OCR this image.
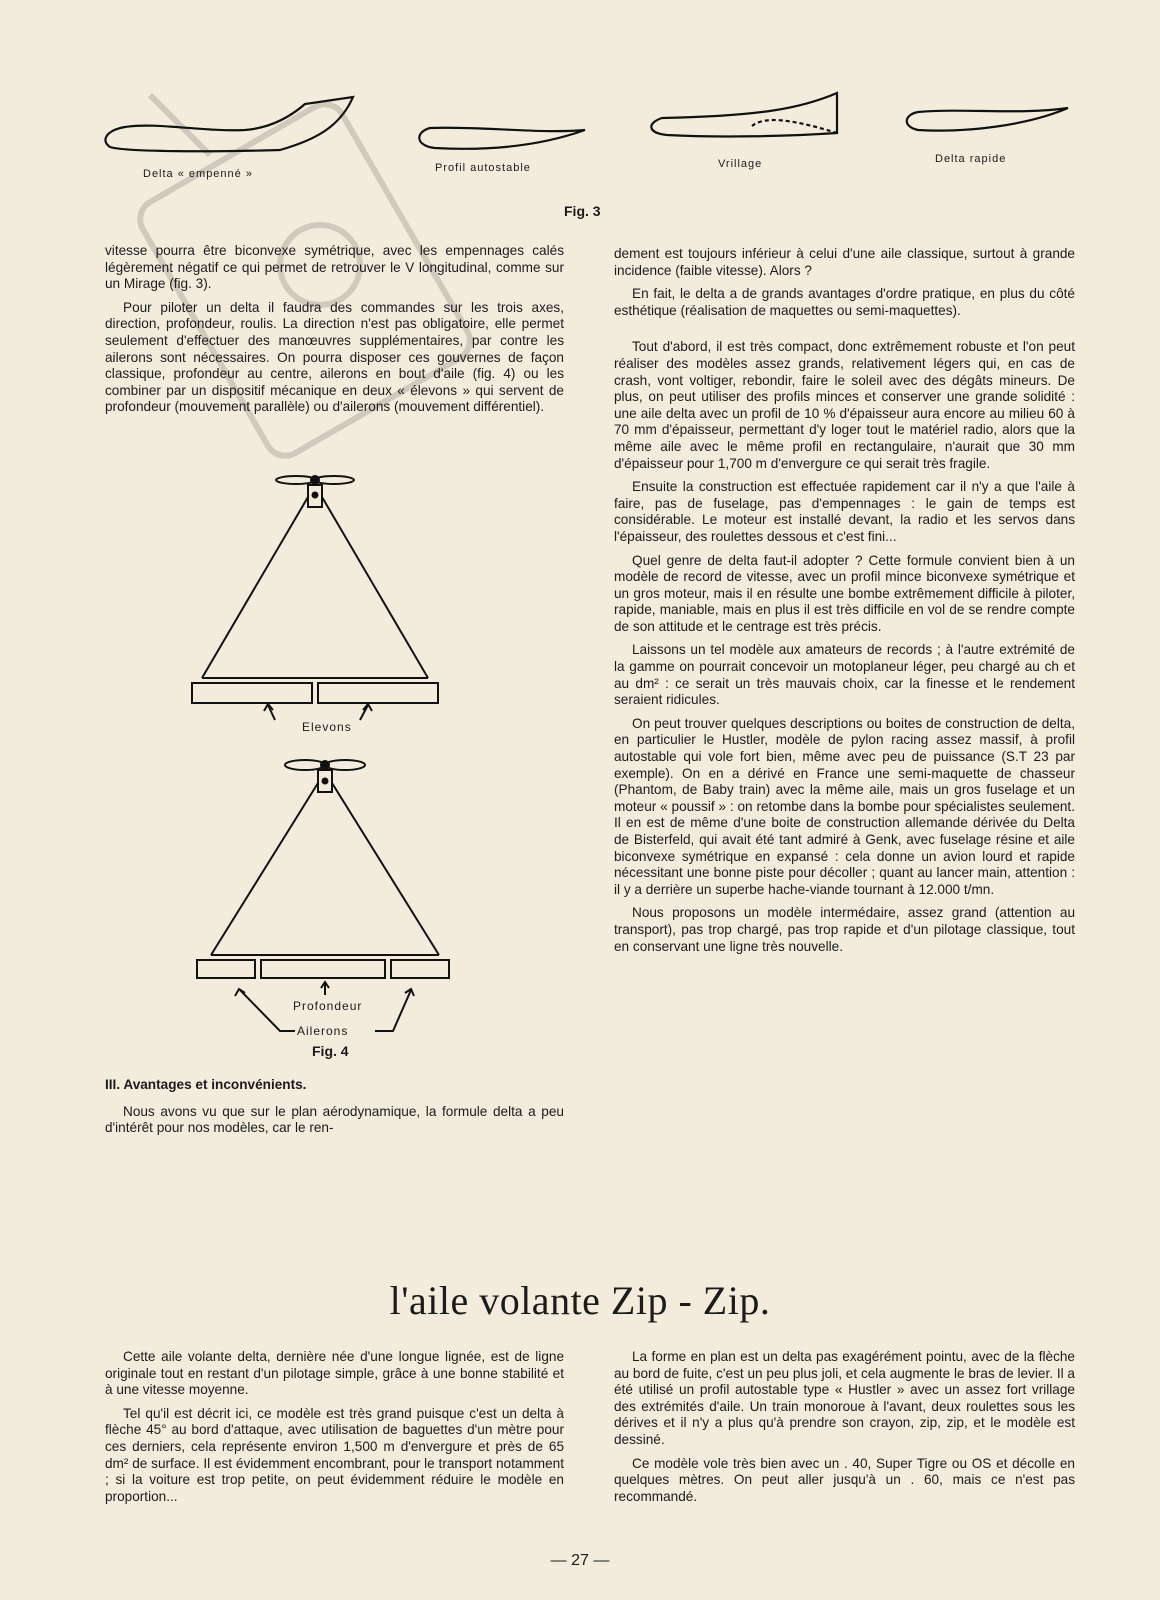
Delta « empenné »	Profil autostable	Vrillage	Delta rapide
Fig. 3

vitesse pourra être biconvexe symétrique, avec les empennages calés légèrement négatif ce qui permet de retrouver le V longitudinal, comme sur un Mirage (fig. 3).

Pour piloter un delta il faudra des commandes sur les trois axes, direction, profondeur, roulis. La direction n'est pas obligatoire, elle permet seulement d'effectuer des manœuvres supplémentaires, par contre les ailerons sont nécessaires. On pourra disposer ces gouvernes de façon classique, profondeur au centre, ailerons en bout d'aile (fig. 4) ou les combiner par un dispositif mécanique en deux « élevons » qui servent de profondeur (mouvement parallèle) ou d'ailerons (mouvement différentiel).

Elevons
Profondeur
Ailerons
Fig. 4

III. Avantages et inconvénients.

Nous avons vu que sur le plan aérodynamique, la formule delta a peu d'intérêt pour nos modèles, car le ren-

dement est toujours inférieur à celui d'une aile classique, surtout à grande incidence (faible vitesse). Alors ?

En fait, le delta a de grands avantages d'ordre pratique, en plus du côté esthétique (réalisation de maquettes ou semi-maquettes).

Tout d'abord, il est très compact, donc extrêmement robuste et l'on peut réaliser des modèles assez grands, relativement légers qui, en cas de crash, vont voltiger, rebondir, faire le soleil avec des dégâts mineurs. De plus, on peut utiliser des profils minces et conserver une grande solidité : une aile delta avec un profil de 10 % d'épaisseur aura encore au milieu 60 à 70 mm d'épaisseur, permettant d'y loger tout le matériel radio, alors que la même aile avec le même profil en rectangulaire, n'aurait que 30 mm d'épaisseur pour 1,700 m d'envergure ce qui serait très fragile.

Ensuite la construction est effectuée rapidement car il n'y a que l'aile à faire, pas de fuselage, pas d'empennages : le gain de temps est considérable. Le moteur est installé devant, la radio et les servos dans l'épaisseur, des roulettes dessous et c'est fini...

Quel genre de delta faut-il adopter ? Cette formule convient bien à un modèle de record de vitesse, avec un profil mince biconvexe symétrique et un gros moteur, mais il en résulte une bombe extrêmement difficile à piloter, rapide, maniable, mais en plus il est très difficile en vol de se rendre compte de son attitude et le centrage est très précis.

Laissons un tel modèle aux amateurs de records ; à l'autre extrémité de la gamme on pourrait concevoir un motoplaneur léger, peu chargé au ch et au dm² : ce serait un très mauvais choix, car la finesse et le rendement seraient ridicules.

On peut trouver quelques descriptions ou boites de construction de delta, en particulier le Hustler, modèle de pylon racing assez massif, à profil autostable qui vole fort bien, même avec peu de puissance (S.T 23 par exemple). On en a dérivé en France une semi-maquette de chasseur (Phantom, de Baby train) avec la même aile, mais un gros fuselage et un moteur « poussif » : on retombe dans la bombe pour spécialistes seulement. Il en est de même d'une boite de construction allemande dérivée du Delta de Bisterfeld, qui avait été tant admiré à Genk, avec fuselage résine et aile biconvexe symétrique en expansé : cela donne un avion lourd et rapide nécessitant une bonne piste pour décoller ; quant au lancer main, attention : il y a derrière un superbe hache-viande tournant à 12.000 t/mn.

Nous proposons un modèle intermédaire, assez grand (attention au transport), pas trop chargé, pas trop rapide et d'un pilotage classique, tout en conservant une ligne très nouvelle.

l'aile volante Zip - Zip.

Cette aile volante delta, dernière née d'une longue lignée, est de ligne originale tout en restant d'un pilotage simple, grâce à une bonne stabilité et à une vitesse moyenne.

Tel qu'il est décrit ici, ce modèle est très grand puisque c'est un delta à flèche 45° au bord d'attaque, avec utilisation de baguettes d'un mètre pour ces derniers, cela représente environ 1,500 m d'envergure et près de 65 dm² de surface. Il est évidemment encombrant, pour le transport notamment ; si la voiture est trop petite, on peut évidemment réduire le modèle en proportion...

La forme en plan est un delta pas exagérément pointu, avec de la flèche au bord de fuite, c'est un peu plus joli, et cela augmente le bras de levier. Il a été utilisé un profil autostable type « Hustler » avec un assez fort vrillage des extrémités d'aile. Un train monoroue à l'avant, deux roulettes sous les dérives et il n'y a plus qu'à prendre son crayon, zip, zip, et le modèle est dessiné.

Ce modèle vole très bien avec un . 40, Super Tigre ou OS et décolle en quelques mètres. On peut aller jusqu'à un . 60, mais ce n'est pas recommandé.

— 27 —
